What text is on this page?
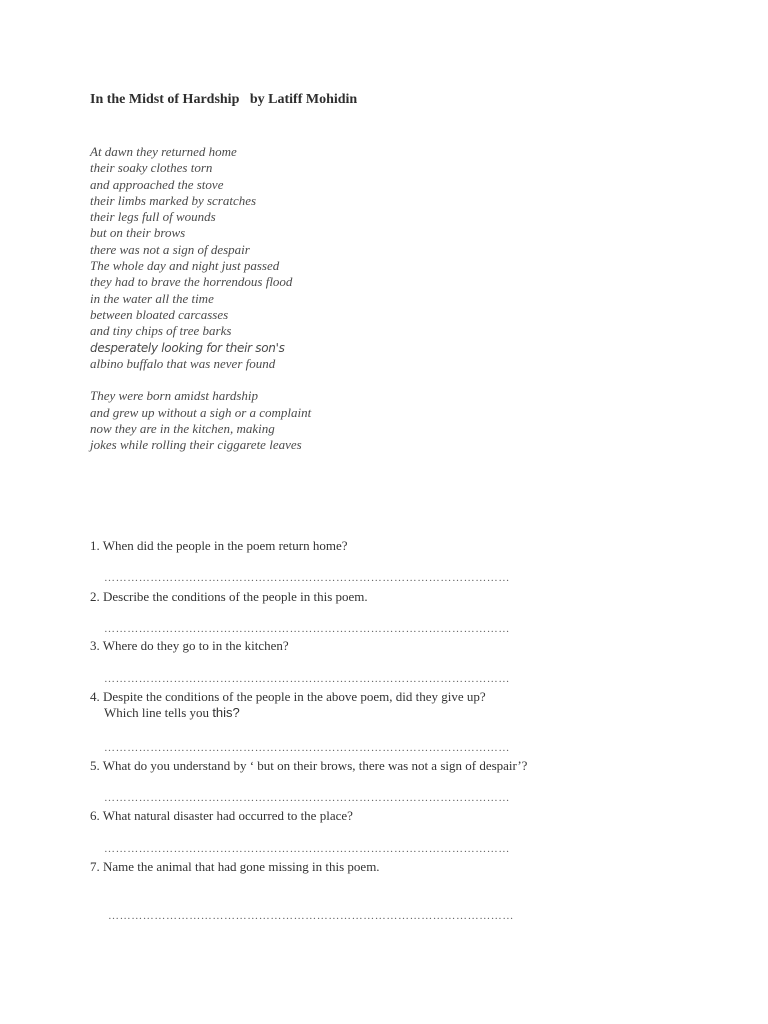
In the Midst of Hardship   by Latiff Mohidin
At dawn they returned home
their soaky clothes torn
and approached the stove
their limbs marked by scratches
their legs full of wounds
but on their brows
there was not a sign of despair
The whole day and night just passed
they had to brave the horrendous flood
in the water all the time
between bloated carcasses
and tiny chips of tree barks
desperately looking for their son's
albino buffalo that was never found
They were born amidst hardship
and grew up without a sigh or a complaint
now they are in the kitchen, making
jokes while rolling their ciggarete leaves
1. When did the people in the poem return home?
……………………………………………………………………………………………
2. Describe the conditions of the people in this poem.
……………………………………………………………………………………………
3. Where do they go to in the kitchen?
……………………………………………………………………………………………
4. Despite the conditions of the people in the above poem, did they give up?
Which line tells you this?
……………………………………………………………………………………………
5. What do you understand by ‘ but on their brows, there was not a sign of despair’?
……………………………………………………………………………………………
6. What natural disaster had occurred to the place?
……………………………………………………………………………………………
7. Name the animal that had gone missing in this poem.
……………………………………………………………………………………………
